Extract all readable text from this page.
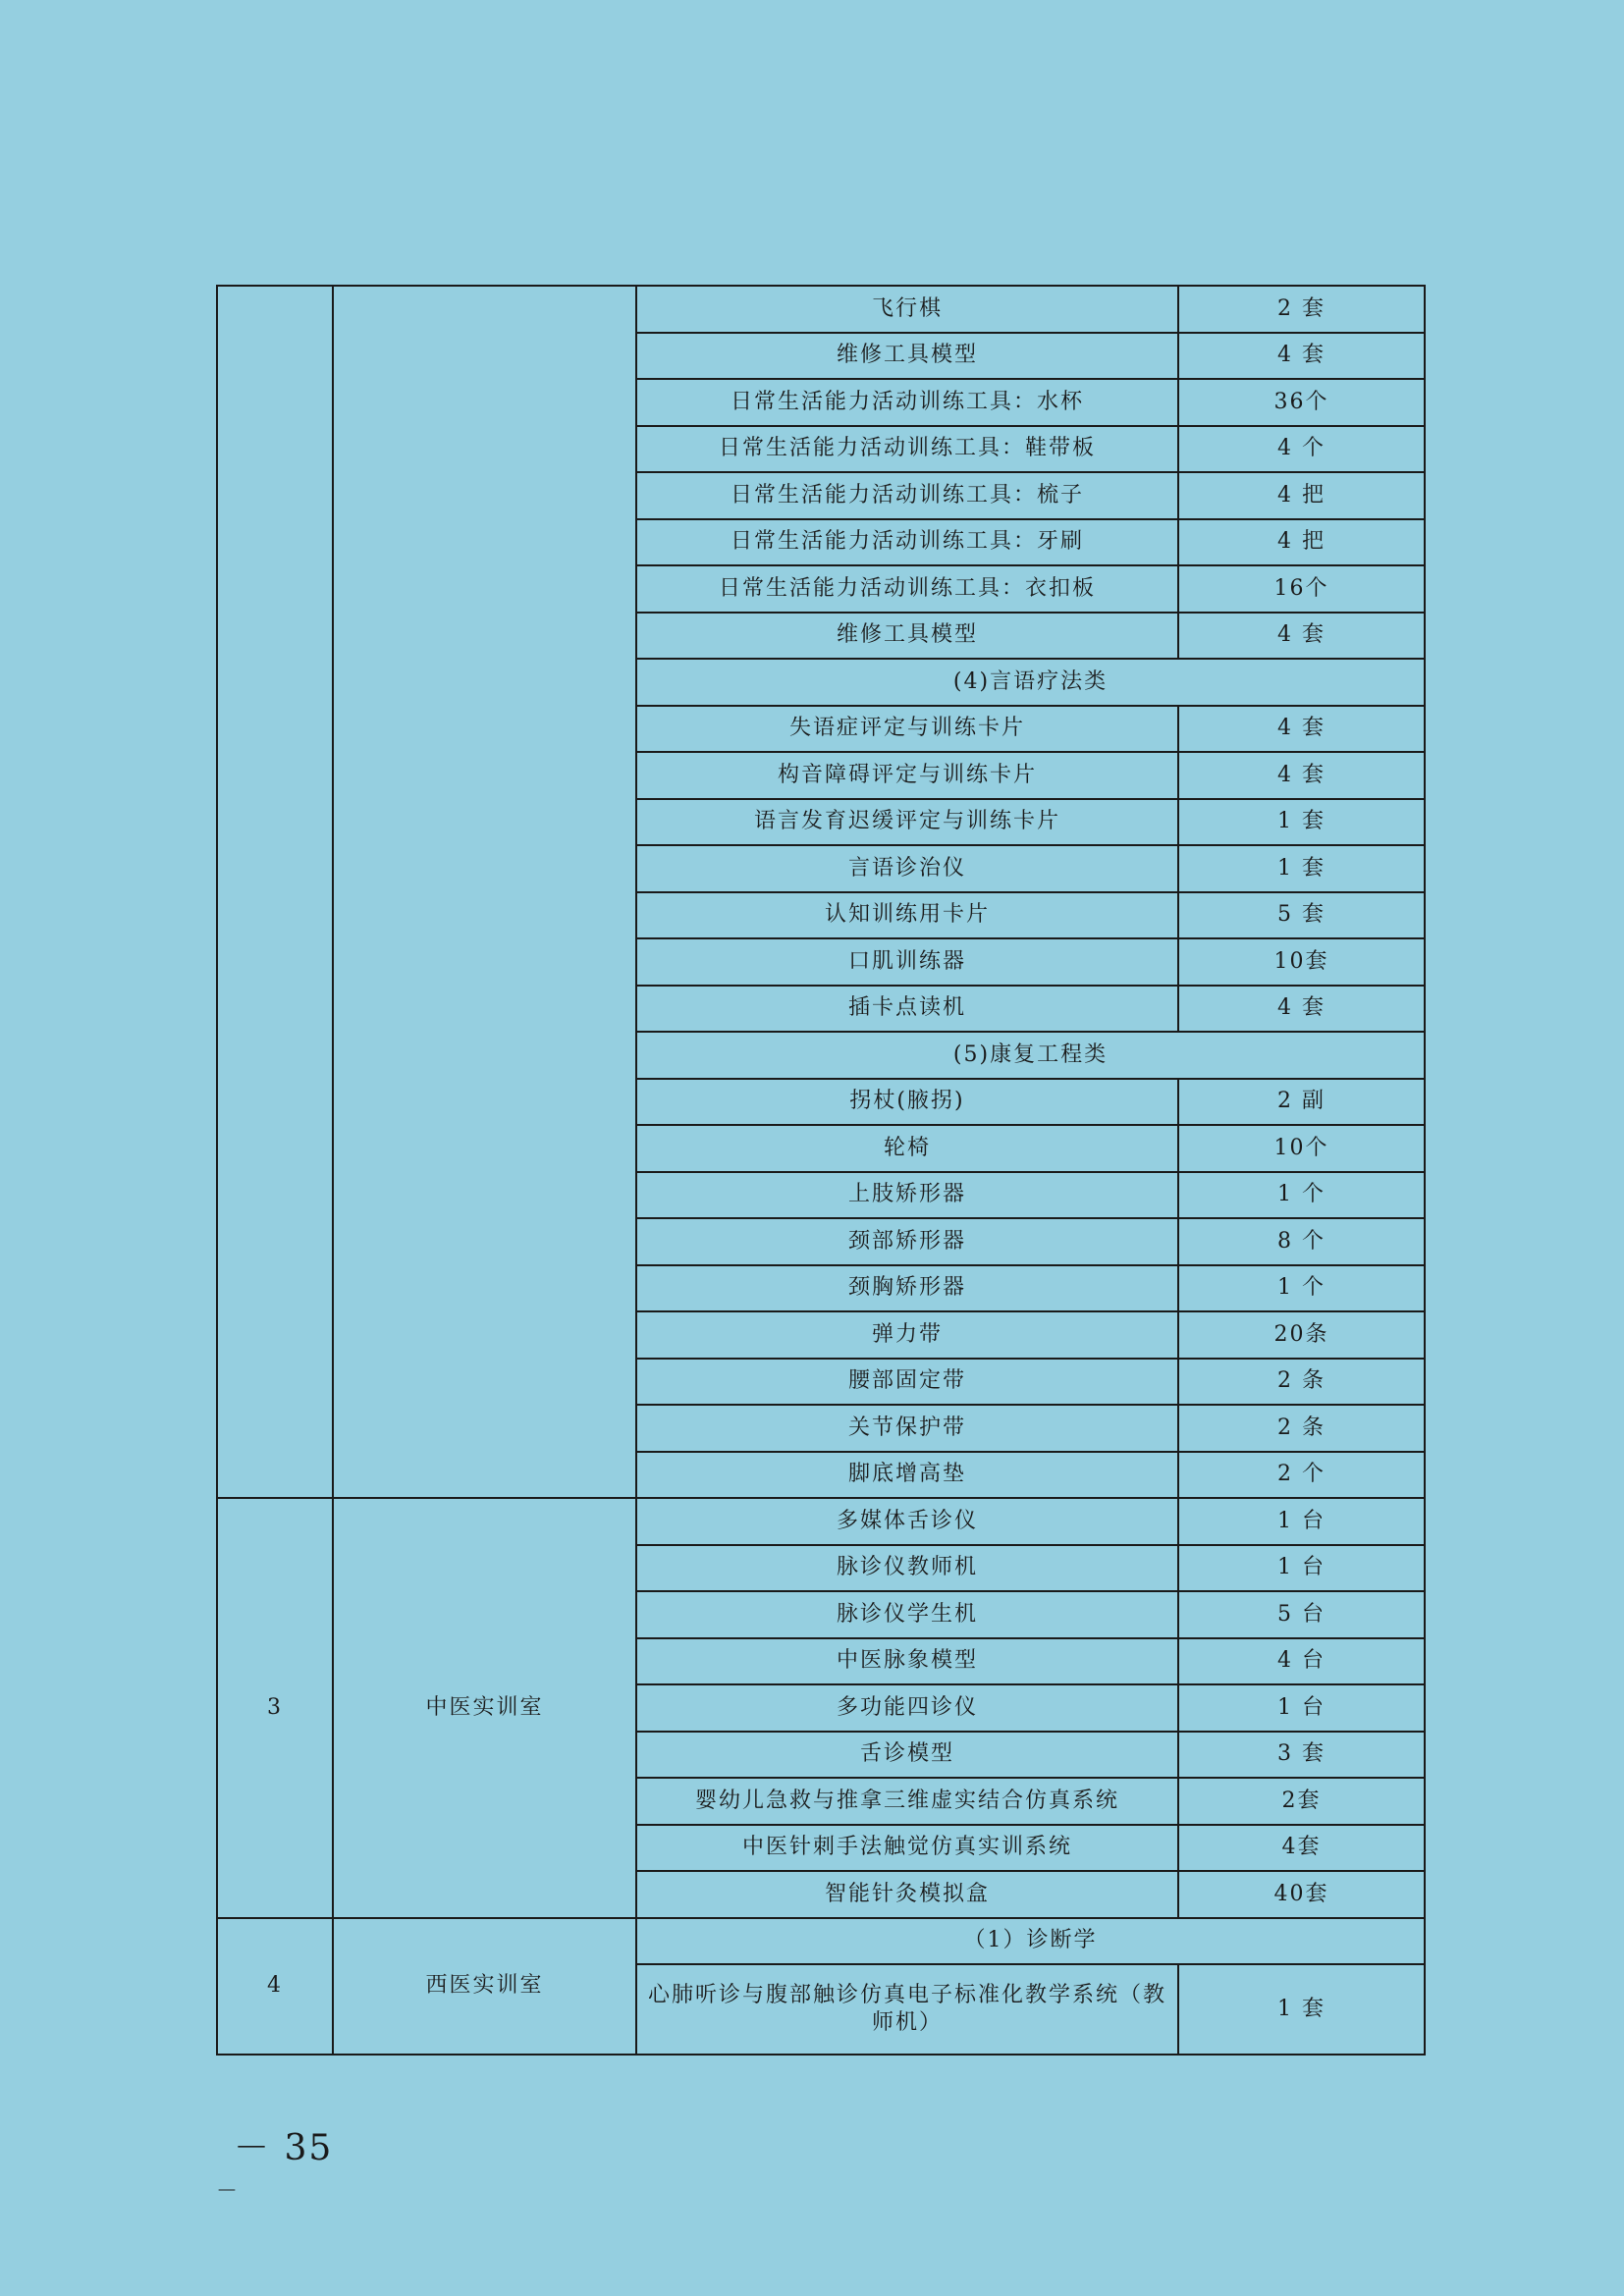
		飞行棋	2 套
		维修工具模型	4 套
		日常生活能力活动训练工具：水杯	36个
		日常生活能力活动训练工具：鞋带板	4 个
		日常生活能力活动训练工具：梳子	4 把
		日常生活能力活动训练工具：牙刷	4 把
		日常生活能力活动训练工具：衣扣板	16个
		维修工具模型	4 套
		(4)言语疗法类	
		失语症评定与训练卡片	4 套
		构音障碍评定与训练卡片	4 套
		语言发育迟缓评定与训练卡片	1 套
		言语诊治仪	1 套
		认知训练用卡片	5 套
		口肌训练器	10套
		插卡点读机	4 套
		(5)康复工程类	
		拐杖(腋拐)	2 副
		轮椅	10个
		上肢矫形器	1 个
		颈部矫形器	8 个
		颈胸矫形器	1 个
		弹力带	20条
		腰部固定带	2 条
		关节保护带	2 条
		脚底增高垫	2 个
3	中医实训室	多媒体舌诊仪	1 台
		脉诊仪教师机	1 台
		脉诊仪学生机	5 台
		中医脉象模型	4 台
		多功能四诊仪	1 台
		舌诊模型	3 套
		婴幼儿急救与推拿三维虚实结合仿真系统	2套
		中医针刺手法触觉仿真实训系统	4套
		智能针灸模拟盒	40套
4	西医实训室	（1）诊断学	
		心肺听诊与腹部触诊仿真电子标准化教学系统（教师机）	1 套
－ 35
－
